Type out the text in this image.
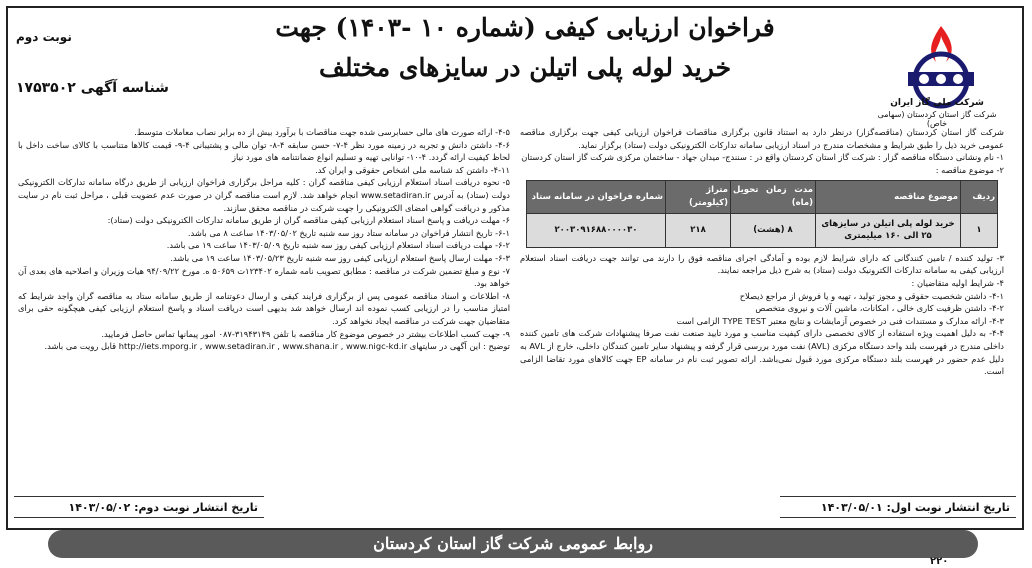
فراخوان ارزیابی کیفی (شماره ۱۰ -۱۴۰۳) جهت
خرید لوله پلی اتیلن در سایزهای مختلف
شرکت ملی گاز ایران
شرکت گاز استان کردستان (سهامی خاص)
نوبت دوم
شناسه آگهی ۱۷۵۳۵۰۲

شرکت گاز استان کردستان (مناقصه‌گزار) درنظر دارد به استناد قانون برگزاری مناقصات فراخوان ارزیابی کیفی جهت برگزاری مناقصه عمومی خرید ذیل را طبق شرایط و مشخصات مندرج در اسناد ارزیابی سامانه تدارکات الکترونیکی دولت (ستاد) برگزار نماید.

۱- نام ونشانی دستگاه مناقصه گزار : شرکت گاز استان کردستان واقع در : سنندج- میدان جهاد - ساختمان مرکزی شرکت گاز استان کردستان

۲- موضوع مناقصه :

ردیف	موضوع مناقصه	مدت زمان تحویل (ماه)	متراژ (کیلومتر)	شماره فراخوان در سامانه ستاد
۱	خرید لوله پلی اتیلن در سایزهای ۲۵ الی ۱۶۰ میلیمتری	۸ (هشت)	۲۱۸	۲۰۰۳۰۹۱۶۸۸۰۰۰۰۳۰

۳- تولید کننده / تامین کنندگانی که دارای شرایط لازم بوده و آمادگی اجرای مناقصه فوق را دارند می توانند جهت دریافت اسناد استعلام ارزیابی کیفی به سامانه تدارکات الکترونیک دولت (ستاد) به شرح ذیل مراجعه نمایند.

۴- شرایط اولیه متقاضیان :

۴-۱- داشتن شخصیت حقوقی و مجوز تولید ، تهیه و یا فروش از مراجع ذیصلاح

۴-۲- داشتن ظرفیت کاری خالی ، امکانات، ماشین آلات و نیروی متخصص

۴-۳- ارائه مدارک و مستندات فنی در خصوص آزمایشات و نتایج معتبر TYPE TEST الزامی است

۴-۴- به دلیل اهمیت ویژه استفاده از کالای تخصصی دارای کیفیت مناسب و مورد تایید صنعت نفت صرفا پیشنهادات شرکت های تامین کننده داخلی مندرج در فهرست بلند واحد دستگاه مرکزی (AVL) نفت مورد بررسی قرار گرفته و پیشنهاد سایر تامین کنندگان داخلی، خارج از AVL به دلیل عدم حضور در فهرست بلند دستگاه مرکزی مورد قبول نمی‌باشد. ارائه تصویر ثبت نام در سامانه EP جهت کالاهای مورد تقاضا الزامی است.

۴-۵- ارائه صورت های مالی حسابرسی شده جهت مناقصات با برآورد بیش از ده برابر نصاب معاملات متوسط.

۴-۶- داشتن دانش و تجربه در زمینه مورد نظر ۴-۷- حسن سابقه ۴-۸- توان مالی و پشتیبانی ۴-۹- قیمت کالاها متناسب با کالای ساخت داخل با لحاظ کیفیت ارائه گردد. ۴-۱۰- توانایی تهیه و تسلیم انواع ضمانتنامه های مورد نیاز

۴-۱۱- داشتن کد شناسه ملی اشخاص حقوقی و ایران کد.

۵- نحوه دریافت اسناد استعلام ارزیابی کیفی مناقصه گران : کلیه مراحل برگزاری فراخوان ارزیابی از طریق درگاه سامانه تدارکات الکترونیکی دولت (ستاد) به آدرس www.setadiran.ir انجام خواهد شد. لازم است مناقصه گران در صورت عدم عضویت قبلی ، مراحل ثبت نام در سایت مذکور و دریافت گواهی امضای الکترونیکی را جهت شرکت در مناقصه محقق سازند.

۶- مهلت دریافت و پاسخ اسناد استعلام ارزیابی کیفی مناقصه گران از طریق سامانه تدارکات الکترونیکی دولت (ستاد):

۶-۱- تاریخ انتشار فراخوان در سامانه ستاد روز سه شنبه تاریخ ۱۴۰۳/۰۵/۰۲ ساعت ۸ می باشد.

۶-۲- مهلت دریافت اسناد استعلام ارزیابی کیفی روز سه شنبه تاریخ ۱۴۰۳/۰۵/۰۹ ساعت ۱۹ می باشد.

۶-۳- مهلت ارسال پاسخ استعلام ارزیابی کیفی روز سه شنبه تاریخ ۱۴۰۳/۰۵/۲۳ ساعت ۱۹ می باشد.

۷- نوع و مبلغ تضمین شرکت در مناقصه : مطابق تصویب نامه شماره ۱۲۳۴۰۲ت ۵۰۶۵۹ ه. مورخ ۹۴/۰۹/۲۲ هیات وزیران و اصلاحیه های بعدی آن خواهد بود.

۸- اطلاعات و اسناد مناقصه عمومی پس از برگزاری فرایند کیفی و ارسال دعوتنامه از طریق سامانه ستاد به مناقصه گران واجد شرایط که امتیاز مناسب را در ارزیابی کسب نموده اند ارسال خواهد شد بدیهی است دریافت اسناد و پاسخ استعلام ارزیابی کیفی هیچگونه حقی برای متقاضیان جهت شرکت در مناقصه ایجاد نخواهد کرد.

۹- جهت کسب اطلاعات بیشتر در خصوص موضوع کار مناقصه با تلفن ۳۱۹۴۳۱۴۹-۰۸۷ امور پیمانها تماس حاصل فرمایید.

توضیح : این آگهی در سایتهای http://iets.mporg.ir , www.setadiran.ir , www.shana.ir , www.nigc-kd.ir قابل رویت می باشد.

تاریخ انتشار نوبت اول: ۱۴۰۳/۰۵/۰۱
تاریخ انتشار نوبت دوم: ۱۴۰۳/۰۵/۰۲
روابط عمومی شرکت گاز استان کردستان
۲۲۰
